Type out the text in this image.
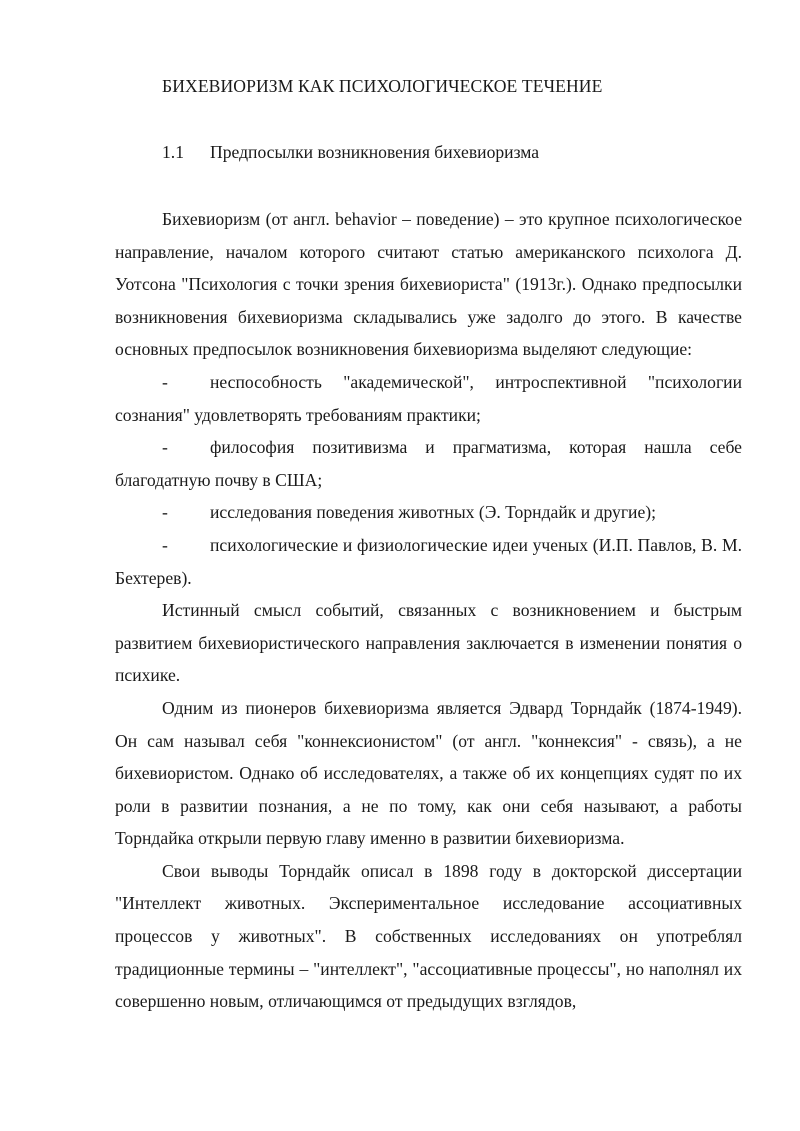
БИХЕВИОРИЗМ КАК ПСИХОЛОГИЧЕСКОЕ ТЕЧЕНИЕ
1.1 Предпосылки возникновения бихевиоризма

Бихевиоризм (от англ. behavior – поведение) – это крупное психологическое направление, началом которого считают статью американского психолога Д. Уотсона "Психология с точки зрения бихевиориста" (1913г.). Однако предпосылки возникновения бихевиоризма складывались уже задолго до этого. В качестве основных предпосылок возникновения бихевиоризма выделяют следующие:

- неспособность "академической", интроспективной "психологии сознания" удовлетворять требованиям практики;

- философия позитивизма и прагматизма, которая нашла себе благодатную почву в США;

- исследования поведения животных (Э. Торндайк и другие);

- психологические и физиологические идеи ученых (И.П. Павлов, В. М. Бехтерев).

Истинный смысл событий, связанных с возникновением и быстрым развитием бихевиористического направления заключается в изменении понятия о психике.

Одним из пионеров бихевиоризма является Эдвард Торндайк (1874-1949). Он сам называл себя "коннексионистом" (от англ. "коннексия" - связь), а не бихевиористом. Однако об исследователях, а также об их концепциях судят по их роли в развитии познания, а не по тому, как они себя называют, а работы Торндайка открыли первую главу именно в развитии бихевиоризма.

Свои выводы Торндайк описал в 1898 году в докторской диссертации "Интеллект животных. Экспериментальное исследование ассоциативных процессов у животных". В собственных исследованиях он употреблял традиционные термины – "интеллект", "ассоциативные процессы", но наполнял их совершенно новым, отличающимся от предыдущих взглядов,
